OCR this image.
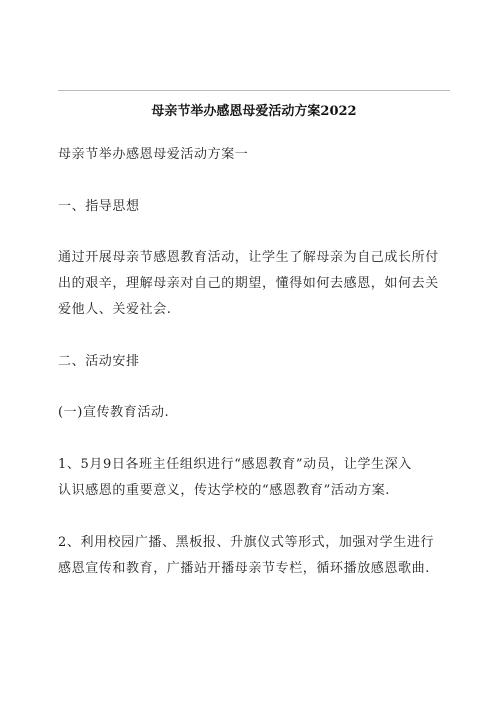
母亲节举办感恩母爱活动方案2022
母亲节举办感恩母爱活动方案一
一、指导思想
通过开展母亲节感恩教育活动，让学生了解母亲为自己成长所付
出的艰辛，理解母亲对自己的期望，懂得如何去感恩，如何去关
爱他人、关爱社会.
二、活动安排
(一)宣传教育活动.
1、5月9日各班主任组织进行“感恩教育”动员，让学生深入
认识感恩的重要意义，传达学校的“感恩教育”活动方案.
2、利用校园广播、黑板报、升旗仪式等形式，加强对学生进行
感恩宣传和教育，广播站开播母亲节专栏，循环播放感恩歌曲.
